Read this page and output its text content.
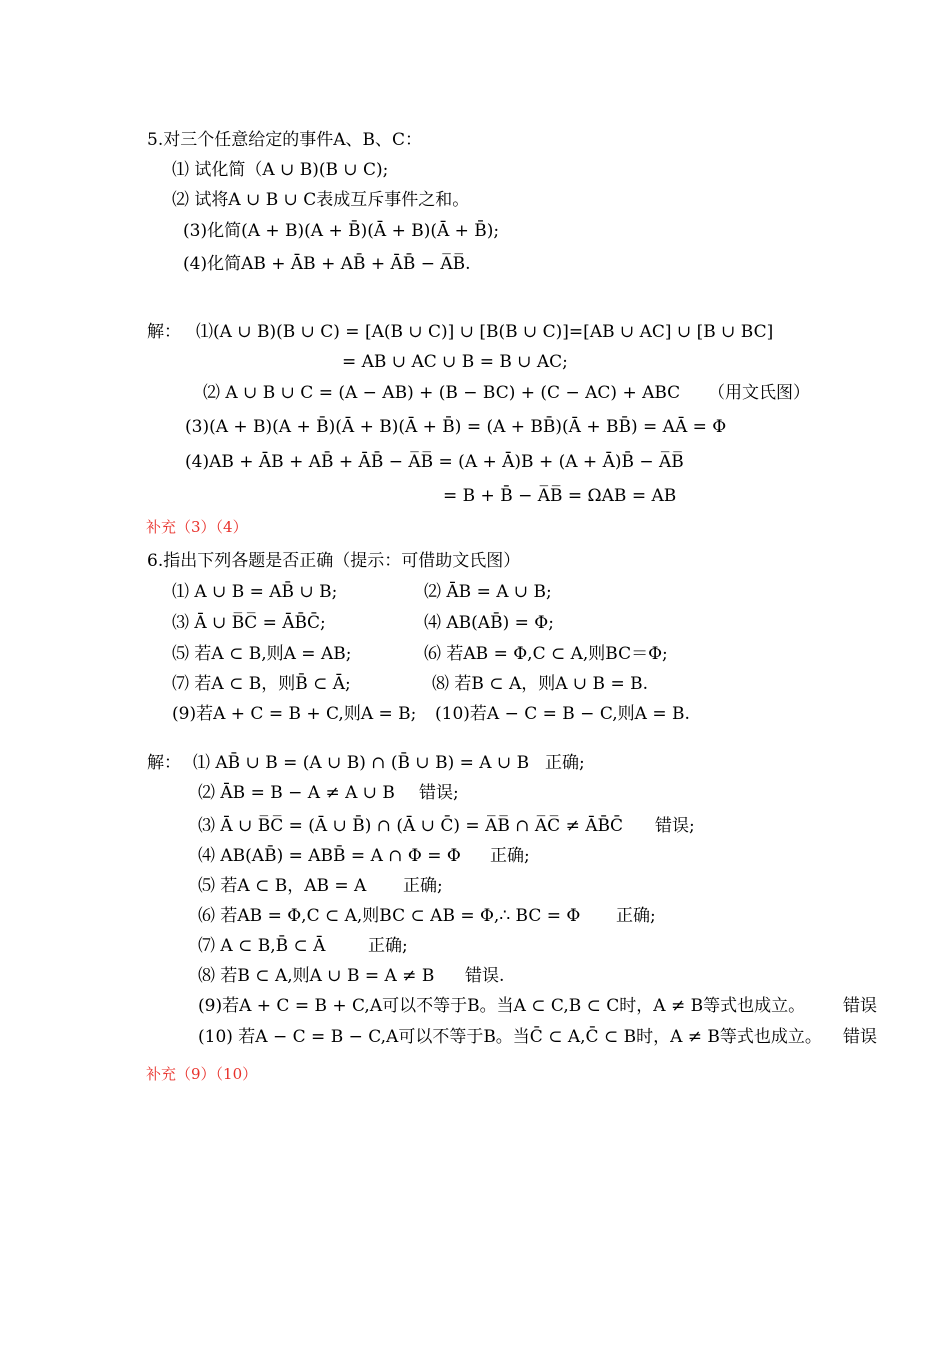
5.对三个任意给定的事件A、B、C：
⑴ 试化简（A ∪ B)(B ∪ C);
⑵ 试将A ∪ B ∪ C表成互斥事件之和。
(3)化简(A + B)(A + B̄)(Ā + B)(Ā + B̄);
(4)化简AB + ĀB + AB̄ + ĀB̄ − A̅B̅.
解： ⑴(A ∪ B)(B ∪ C) = [A(B ∪ C)] ∪ [B(B ∪ C)]=[AB ∪ AC] ∪ [B ∪ BC]
= AB ∪ AC ∪ B = B ∪ AC;
⑵ A ∪ B ∪ C = (A − AB) + (B − BC) + (C − AC) + ABC （用文氏图）
(3)(A + B)(A + B̄)(Ā + B)(Ā + B̄) = (A + BB̄)(Ā + BB̄) = AĀ = Φ
(4)AB + ĀB + AB̄ + ĀB̄ − A̅B̅ = (A + Ā)B + (A + Ā)B̄ − A̅B̅
= B + B̄ − A̅B̅ = ΩAB = AB
补充（3）（4）
6.指出下列各题是否正确（提示：可借助文氏图）
⑴ A ∪ B = AB̄ ∪ B;	⑵ ĀB = A ∪ B;
⑶ Ā ∪ B̅C̅ = ĀB̄C̄;	⑷ AB(AB̄) = Φ;
⑸ 若A ⊂ B,则A = AB;	⑹ 若AB = Φ,C ⊂ A,则BC＝Φ;
⑺ 若A ⊂ B，则B̄ ⊂ Ā;	⑻ 若B ⊂ A，则A ∪ B = B.
(9)若A + C = B + C,则A = B; (10)若A − C = B − C,则A = B.
解： ⑴ AB̄ ∪ B = (A ∪ B) ∩ (B̄ ∪ B) = A ∪ B 正确;
⑵ ĀB = B − A ≠ A ∪ B 错误;
⑶ Ā ∪ B̅C̅ = (Ā ∪ B̄) ∩ (Ā ∪ C̄) = A̅B̅ ∩ A̅C̅ ≠ ĀB̄C̄ 错误;
⑷ AB(AB̄) = ABB̄ = A ∩ Φ = Φ 正确;
⑸ 若A ⊂ B，AB = A 正确;
⑹ 若AB = Φ,C ⊂ A,则BC ⊂ AB = Φ,∴ BC = Φ 正确;
⑺ A ⊂ B,B̄ ⊂ Ā	正确;
⑻ 若B ⊂ A,则A ∪ B = A ≠ B 错误.
(9)若A + C = B + C,A可以不等于B。当A ⊂ C,B ⊂ C时，A ≠ B等式也成立。 错误
(10) 若A − C = B − C,A可以不等于B。当C̄ ⊂ A,C̄ ⊂ B时，A ≠ B等式也成立。 错误
补充（9）（10）
